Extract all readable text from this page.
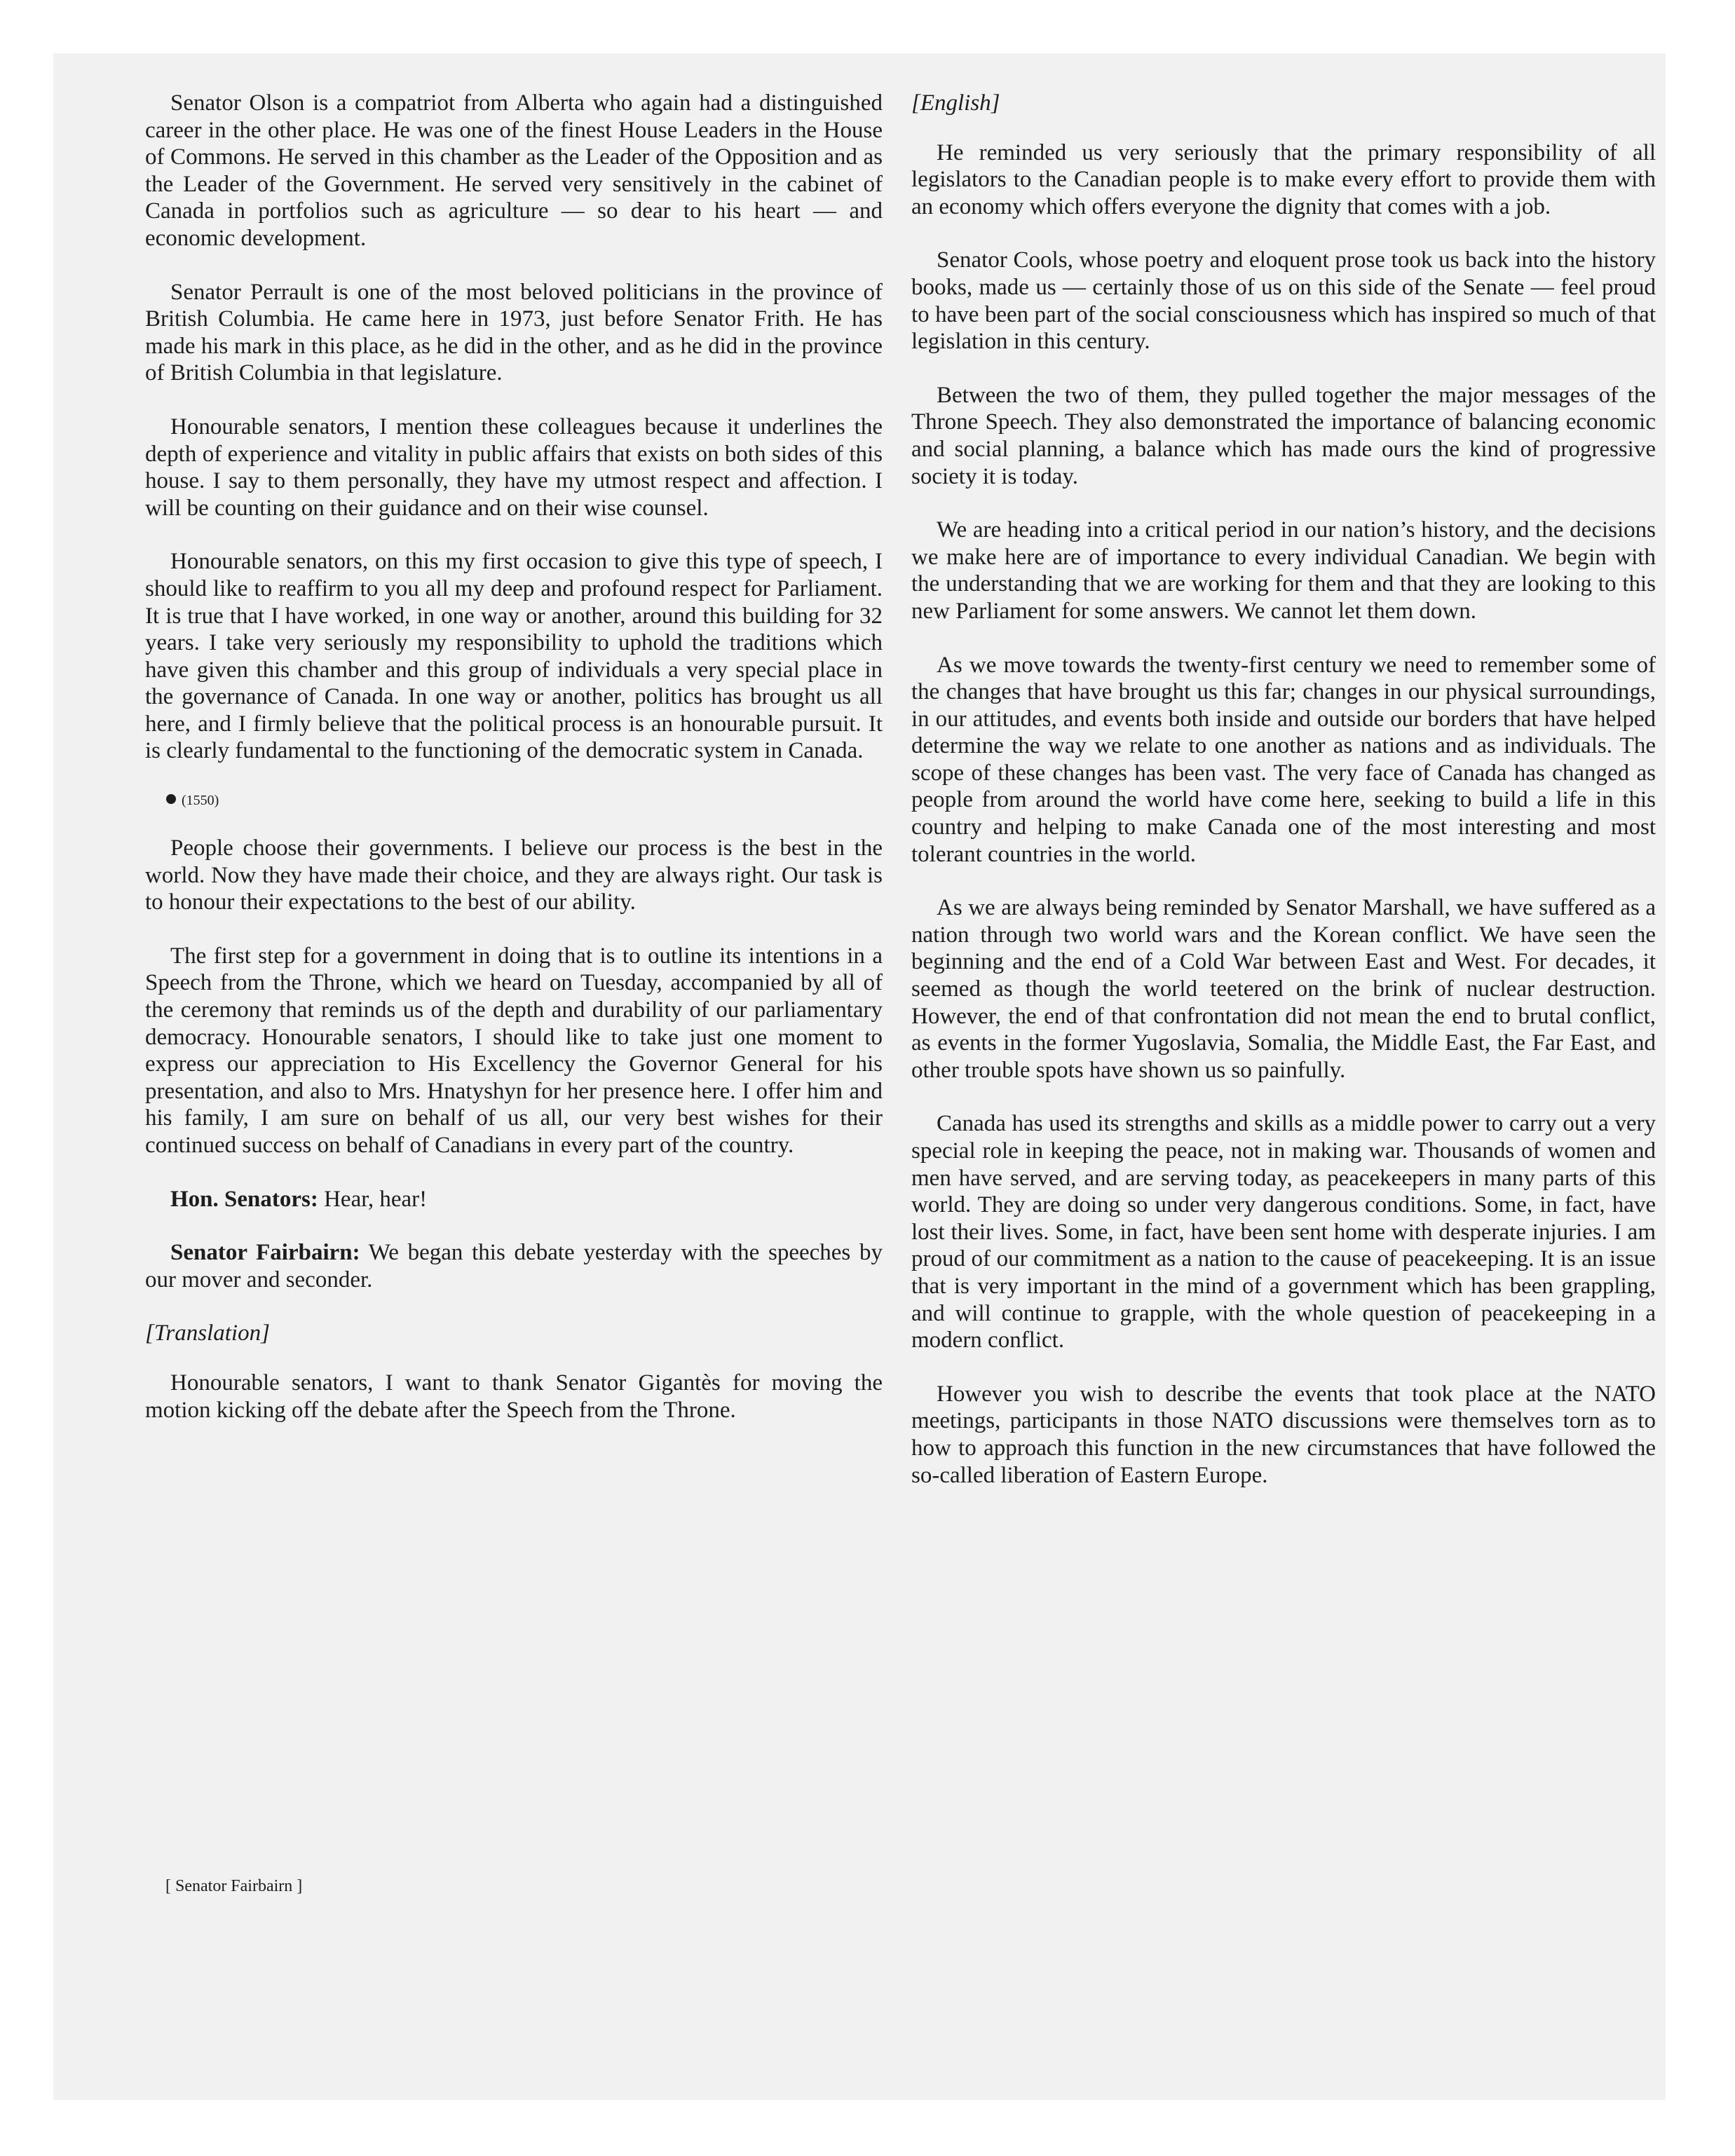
Senator Olson is a compatriot from Alberta who again had a distinguished career in the other place. He was one of the finest House Leaders in the House of Commons. He served in this chamber as the Leader of the Opposition and as the Leader of the Government. He served very sensitively in the cabinet of Canada in portfolios such as agriculture — so dear to his heart — and economic development.

Senator Perrault is one of the most beloved politicians in the province of British Columbia. He came here in 1973, just before Senator Frith. He has made his mark in this place, as he did in the other, and as he did in the province of British Columbia in that legislature.

Honourable senators, I mention these colleagues because it underlines the depth of experience and vitality in public affairs that exists on both sides of this house. I say to them personally, they have my utmost respect and affection. I will be counting on their guidance and on their wise counsel.

Honourable senators, on this my first occasion to give this type of speech, I should like to reaffirm to you all my deep and profound respect for Parliament. It is true that I have worked, in one way or another, around this building for 32 years. I take very seriously my responsibility to uphold the traditions which have given this chamber and this group of individuals a very special place in the governance of Canada. In one way or another, politics has brought us all here, and I firmly believe that the political process is an honourable pursuit. It is clearly fundamental to the functioning of the democratic system in Canada.

(1550)

People choose their governments. I believe our process is the best in the world. Now they have made their choice, and they are always right. Our task is to honour their expectations to the best of our ability.

The first step for a government in doing that is to outline its intentions in a Speech from the Throne, which we heard on Tuesday, accompanied by all of the ceremony that reminds us of the depth and durability of our parliamentary democracy. Honourable senators, I should like to take just one moment to express our appreciation to His Excellency the Governor General for his presentation, and also to Mrs. Hnatyshyn for her presence here. I offer him and his family, I am sure on behalf of us all, our very best wishes for their continued success on behalf of Canadians in every part of the country.

Hon. Senators: Hear, hear!

Senator Fairbairn: We began this debate yesterday with the speeches by our mover and seconder.

[Translation]

Honourable senators, I want to thank Senator Gigantès for moving the motion kicking off the debate after the Speech from the Throne.

[English]

He reminded us very seriously that the primary responsibility of all legislators to the Canadian people is to make every effort to provide them with an economy which offers everyone the dignity that comes with a job.

Senator Cools, whose poetry and eloquent prose took us back into the history books, made us — certainly those of us on this side of the Senate — feel proud to have been part of the social consciousness which has inspired so much of that legislation in this century.

Between the two of them, they pulled together the major messages of the Throne Speech. They also demonstrated the importance of balancing economic and social planning, a balance which has made ours the kind of progressive society it is today.

We are heading into a critical period in our nation’s history, and the decisions we make here are of importance to every individual Canadian. We begin with the understanding that we are working for them and that they are looking to this new Parliament for some answers. We cannot let them down.

As we move towards the twenty-first century we need to remember some of the changes that have brought us this far; changes in our physical surroundings, in our attitudes, and events both inside and outside our borders that have helped determine the way we relate to one another as nations and as individuals. The scope of these changes has been vast. The very face of Canada has changed as people from around the world have come here, seeking to build a life in this country and helping to make Canada one of the most interesting and most tolerant countries in the world.

As we are always being reminded by Senator Marshall, we have suffered as a nation through two world wars and the Korean conflict. We have seen the beginning and the end of a Cold War between East and West. For decades, it seemed as though the world teetered on the brink of nuclear destruction. However, the end of that confrontation did not mean the end to brutal conflict, as events in the former Yugoslavia, Somalia, the Middle East, the Far East, and other trouble spots have shown us so painfully.

Canada has used its strengths and skills as a middle power to carry out a very special role in keeping the peace, not in making war. Thousands of women and men have served, and are serving today, as peacekeepers in many parts of this world. They are doing so under very dangerous conditions. Some, in fact, have lost their lives. Some, in fact, have been sent home with desperate injuries. I am proud of our commitment as a nation to the cause of peacekeeping. It is an issue that is very important in the mind of a government which has been grappling, and will continue to grapple, with the whole question of peacekeeping in a modern conflict.

However you wish to describe the events that took place at the NATO meetings, participants in those NATO discussions were themselves torn as to how to approach this function in the new circumstances that have followed the so-called liberation of Eastern Europe.

[ Senator Fairbairn ]
